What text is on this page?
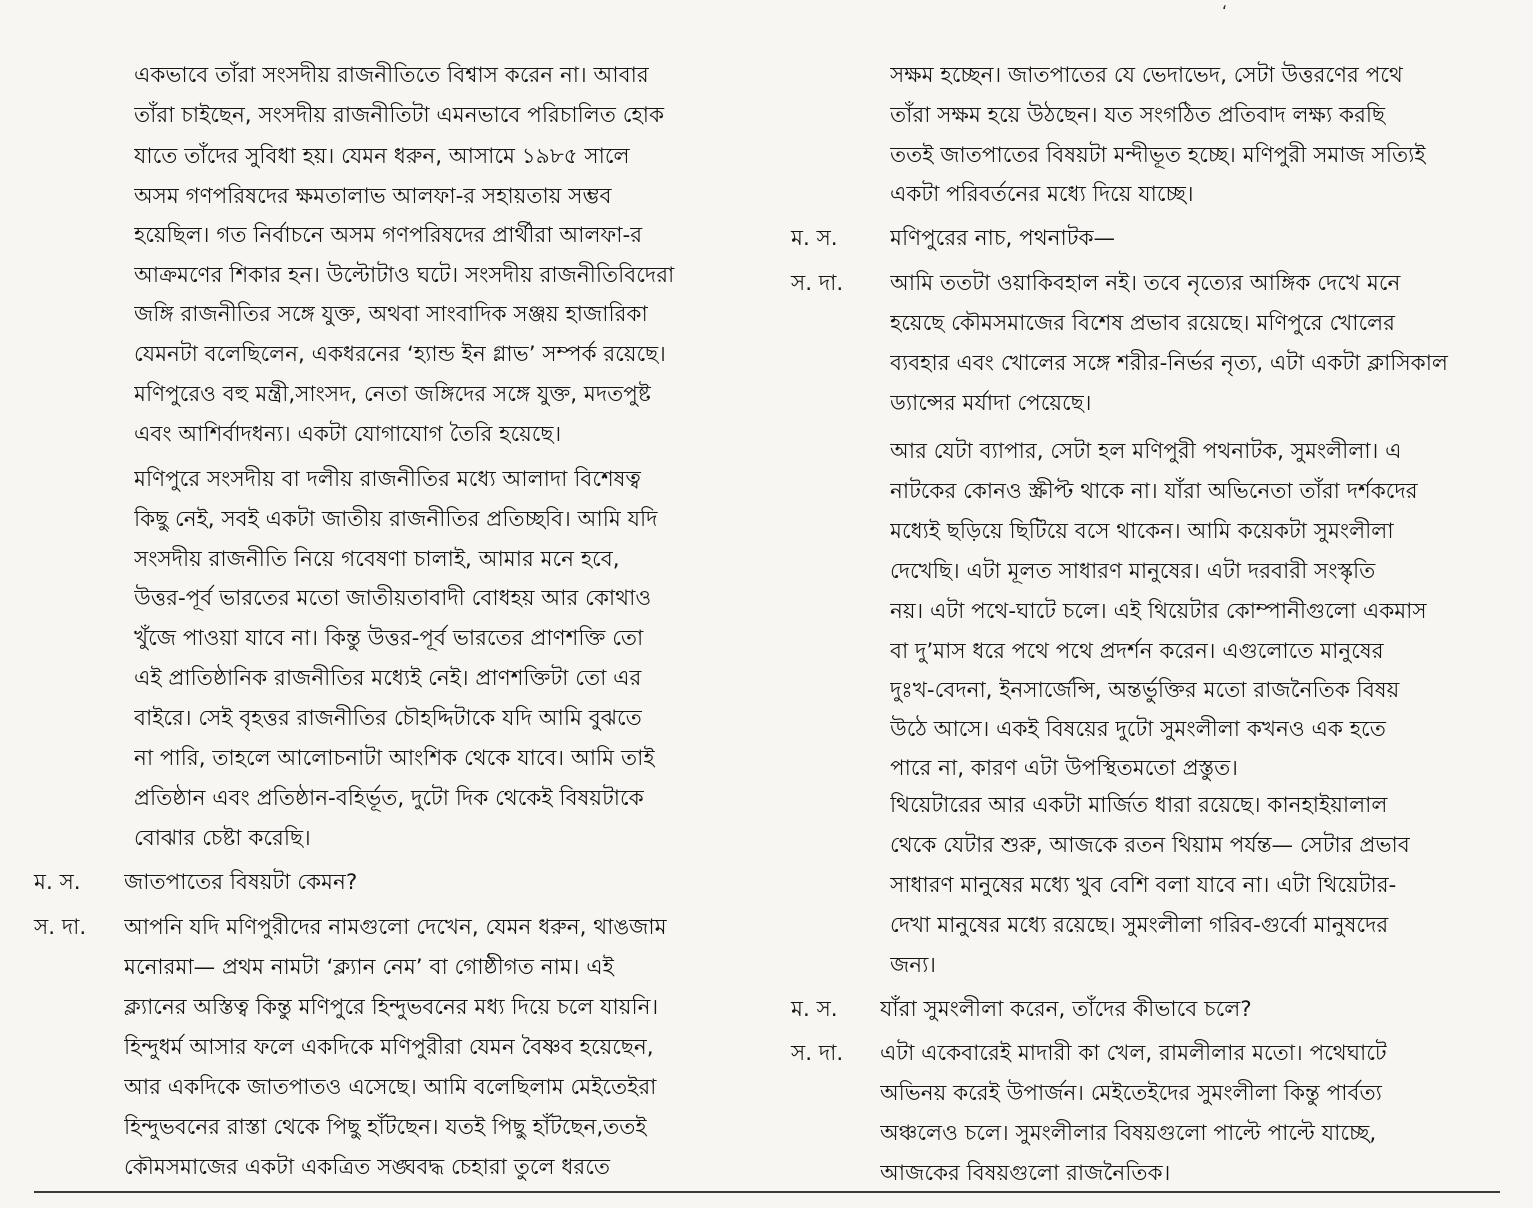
ʻ
একভাবে তাঁরা সংসদীয় রাজনীতিতে বিশ্বাস করেন না। আবার
তাঁরা চাইছেন, সংসদীয় রাজনীতিটা এমনভাবে পরিচালিত হোক
যাতে তাঁদের সুবিধা হয়। যেমন ধরুন, আসামে ১৯৮৫ সালে
অসম গণপরিষদের ক্ষমতালাভ আলফা-র সহায়তায় সম্ভব
হয়েছিল। গত নির্বাচনে অসম গণপরিষদের প্রার্থীরা আলফা-র
আক্রমণের শিকার হন। উল্টোটাও ঘটে। সংসদীয় রাজনীতিবিদেরা
জঙ্গি রাজনীতির সঙ্গে যুক্ত, অথবা সাংবাদিক সঞ্জয় হাজারিকা
যেমনটা বলেছিলেন, একধরনের ‘হ্যান্ড ইন গ্লাভ’ সম্পর্ক রয়েছে।
মণিপুরেও বহু মন্ত্রী,সাংসদ, নেতা জঙ্গিদের সঙ্গে যুক্ত, মদতপুষ্ট
এবং আশির্বাদধন্য। একটা যোগাযোগ তৈরি হয়েছে।
মণিপুরে সংসদীয় বা দলীয় রাজনীতির মধ্যে আলাদা বিশেষত্ব
কিছু নেই, সবই একটা জাতীয় রাজনীতির প্রতিচ্ছবি। আমি যদি
সংসদীয় রাজনীতি নিয়ে গবেষণা চালাই, আমার মনে হবে,
উত্তর-পূর্ব ভারতের মতো জাতীয়তাবাদী বোধহয় আর কোথাও
খুঁজে পাওয়া যাবে না। কিন্তু উত্তর-পূর্ব ভারতের প্রাণশক্তি তো
এই প্রাতিষ্ঠানিক রাজনীতির মধ্যেই নেই। প্রাণশক্তিটা তো এর
বাইরে। সেই বৃহত্তর রাজনীতির চৌহদ্দিটাকে যদি আমি বুঝতে
না পারি, তাহলে আলোচনাটা আংশিক থেকে যাবে। আমি তাই
প্রতিষ্ঠান এবং প্রতিষ্ঠান-বহির্ভূত, দুটো দিক থেকেই বিষয়টাকে
বোঝার চেষ্টা করেছি।
ম. স. জাতপাতের বিষয়টা কেমন?
স. দা. আপনি যদি মণিপুরীদের নামগুলো দেখেন, যেমন ধরুন, থাঙজাম
মনোরমা— প্রথম নামটা ‘ক্ল্যান নেম’ বা গোষ্ঠীগত নাম। এই
ক্ল্যানের অস্তিত্ব কিন্তু মণিপুরে হিন্দুভবনের মধ্য দিয়ে চলে যায়নি।
হিন্দুধর্ম আসার ফলে একদিকে মণিপুরীরা যেমন বৈষ্ণব হয়েছেন,
আর একদিকে জাতপাতও এসেছে। আমি বলেছিলাম মেইতেইরা
হিন্দুভবনের রাস্তা থেকে পিছু হাঁটছেন। যতই পিছু হাঁটছেন,ততই
কৌমসমাজের একটা একত্রিত সঙ্ঘবদ্ধ চেহারা তুলে ধরতে
সক্ষম হচ্ছেন। জাতপাতের যে ভেদাভেদ, সেটা উত্তরণের পথে
তাঁরা সক্ষম হয়ে উঠছেন। যত সংগঠিত প্রতিবাদ লক্ষ্য করছি
ততই জাতপাতের বিষয়টা মন্দীভূত হচ্ছে। মণিপুরী সমাজ সত্যিই
একটা পরিবর্তনের মধ্যে দিয়ে যাচ্ছে।
ম. স. মণিপুরের নাচ, পথনাটক—
স. দা. আমি ততটা ওয়াকিবহাল নই। তবে নৃত্যের আঙ্গিক দেখে মনে
হয়েছে কৌমসমাজের বিশেষ প্রভাব রয়েছে। মণিপুরে খোলের
ব্যবহার এবং খোলের সঙ্গে শরীর-নির্ভর নৃত্য, এটা একটা ক্লাসিকাল
ড্যান্সের মর্যাদা পেয়েছে।
আর যেটা ব্যাপার, সেটা হল মণিপুরী পথনাটক, সুমংলীলা। এ
নাটকের কোনও স্ক্রীপ্ট থাকে না। যাঁরা অভিনেতা তাঁরা দর্শকদের
মধ্যেই ছড়িয়ে ছিটিয়ে বসে থাকেন। আমি কয়েকটা সুমংলীলা
দেখেছি। এটা মূলত সাধারণ মানুষের। এটা দরবারী সংস্কৃতি
নয়। এটা পথে-ঘাটে চলে। এই থিয়েটার কোম্পানীগুলো একমাস
বা দু’মাস ধরে পথে পথে প্রদর্শন করেন। এগুলোতে মানুষের
দুঃখ-বেদনা, ইনসার্জেন্সি, অন্তর্ভুক্তির মতো রাজনৈতিক বিষয়
উঠে আসে। একই বিষয়ের দুটো সুমংলীলা কখনও এক হতে
পারে না, কারণ এটা উপস্থিতমতো প্রস্তুত।
থিয়েটারের আর একটা মার্জিত ধারা রয়েছে। কানহাইয়ালাল
থেকে যেটার শুরু, আজকে রতন থিয়াম পর্যন্ত— সেটার প্রভাব
সাধারণ মানুষের মধ্যে খুব বেশি বলা যাবে না। এটা থিয়েটার-
দেখা মানুষের মধ্যে রয়েছে। সুমংলীলা গরিব-গুর্বো মানুষদের
জন্য।
ম. স. যাঁরা সুমংলীলা করেন, তাঁদের কীভাবে চলে?
স. দা. এটা একেবারেই মাদারী কা খেল, রামলীলার মতো। পথেঘাটে
অভিনয় করেই উপার্জন। মেইতেইদের সুমংলীলা কিন্তু পার্বত্য
অঞ্চলেও চলে। সুমংলীলার বিষয়গুলো পাল্টে পাল্টে যাচ্ছে,
আজকের বিষয়গুলো রাজনৈতিক।
